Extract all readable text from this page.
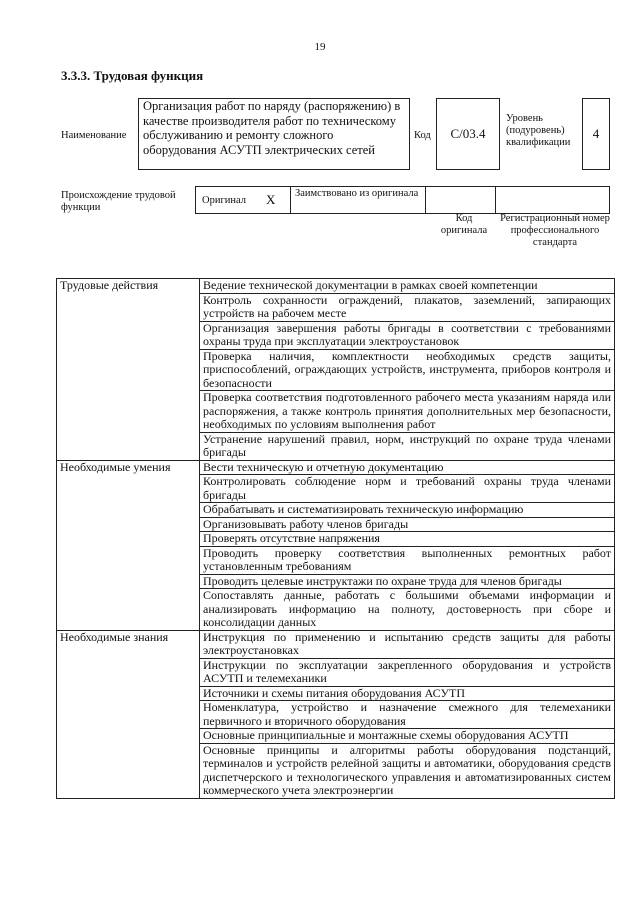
19
3.3.3. Трудовая функция
Наименование
Организация работ по наряду (распоряжению) в качестве производителя работ по техническому обслуживанию и ремонту сложного оборудования АСУТП электрических сетей
Код С/03.4
Уровень (подуровень) квалификации
4
Происхождение трудовой функции
Оригинал Х Заимствовано из оригинала
Код оригинала
Регистрационный номер профессионального стандарта
Трудовые действия	Ведение технической документации в рамках своей компетенции
	Контроль сохранности ограждений, плакатов, заземлений, запирающих устройств на рабочем месте
	Организация завершения работы бригады в соответствии с требованиями охраны труда при эксплуатации электроустановок
	Проверка наличия, комплектности необходимых средств защиты, приспособлений, ограждающих устройств, инструмента, приборов контроля и безопасности
	Проверка соответствия подготовленного рабочего места указаниям наряда или распоряжения, а также контроль принятия дополнительных мер безопасности, необходимых по условиям выполнения работ
	Устранение нарушений правил, норм, инструкций по охране труда членами бригады
Необходимые умения	Вести техническую и отчетную документацию
	Контролировать соблюдение норм и требований охраны труда членами бригады
	Обрабатывать и систематизировать техническую информацию
	Организовывать работу членов бригады
	Проверять отсутствие напряжения
	Проводить проверку соответствия выполненных ремонтных работ установленным требованиям
	Проводить целевые инструктажи по охране труда для членов бригады
	Сопоставлять данные, работать с большими объемами информации и анализировать информацию на полноту, достоверность при сборе и консолидации данных
Необходимые знания	Инструкция по применению и испытанию средств защиты для работы электроустановках
	Инструкции по эксплуатации закрепленного оборудования и устройств АСУТП и телемеханики
	Источники и схемы питания оборудования АСУТП
	Номенклатура, устройство и назначение смежного для телемеханики первичного и вторичного оборудования
	Основные принципиальные и монтажные схемы оборудования АСУТП
	Основные принципы и алгоритмы работы оборудования подстанций, терминалов и устройств релейной защиты и автоматики, оборудования средств диспетчерского и технологического управления и автоматизированных систем коммерческого учета электроэнергии
